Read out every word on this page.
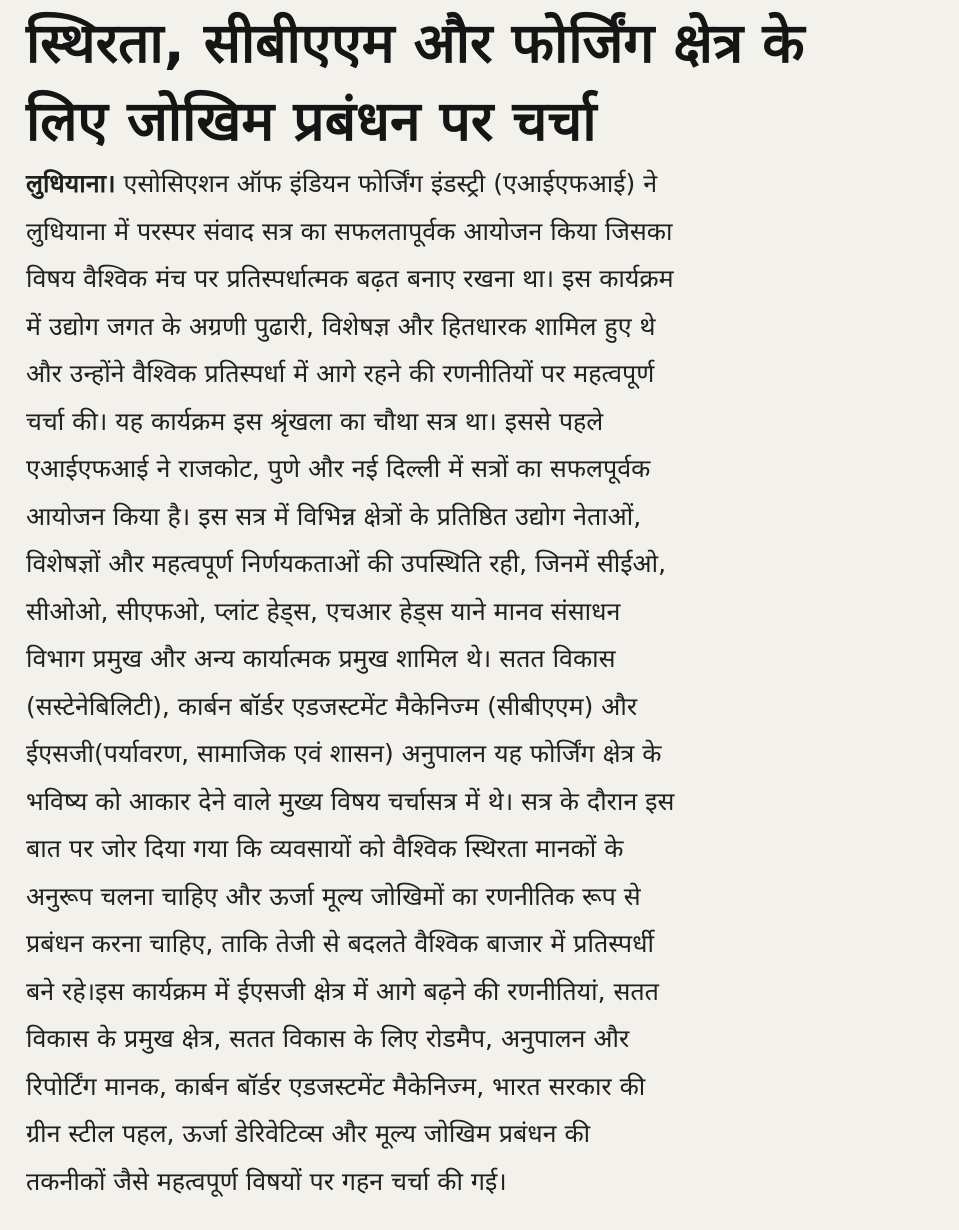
स्थिरता, सीबीएएम और फोर्जिंग क्षेत्र के
लिए जोखिम प्रबंधन पर चर्चा
लुधियाना। एसोसिएशन ऑफ इंडियन फोर्जिंग इंडस्ट्री (एआईएफआई) ने
लुधियाना में परस्पर संवाद सत्र का सफलतापूर्वक आयोजन किया जिसका
विषय वैश्विक मंच पर प्रतिस्पर्धात्मक बढ़त बनाए रखना था। इस कार्यक्रम
में उद्योग जगत के अग्रणी पुढारी, विशेषज्ञ और हितधारक शामिल हुए थे
और उन्होंने वैश्विक प्रतिस्पर्धा में आगे रहने की रणनीतियों पर महत्वपूर्ण
चर्चा की। यह कार्यक्रम इस श्रृंखला का चौथा सत्र था। इससे पहले
एआईएफआई ने राजकोट, पुणे और नई दिल्ली में सत्रों का सफलपूर्वक
आयोजन किया है। इस सत्र में विभिन्न क्षेत्रों के प्रतिष्ठित उद्योग नेताओं,
विशेषज्ञों और महत्वपूर्ण निर्णयकताओं की उपस्थिति रही, जिनमें सीईओ,
सीओओ, सीएफओ, प्लांट हेड्स, एचआर हेड्स याने मानव संसाधन
विभाग प्रमुख और अन्य कार्यात्मक प्रमुख शामिल थे। सतत विकास
(सस्टेनेबिलिटी), कार्बन बॉर्डर एडजस्टमेंट मैकेनिज्म (सीबीएएम) और
ईएसजी(पर्यावरण, सामाजिक एवं शासन) अनुपालन यह फोर्जिंग क्षेत्र के
भविष्य को आकार देने वाले मुख्य विषय चर्चासत्र में थे। सत्र के दौरान इस
बात पर जोर दिया गया कि व्यवसायों को वैश्विक स्थिरता मानकों के
अनुरूप चलना चाहिए और ऊर्जा मूल्य जोखिमों का रणनीतिक रूप से
प्रबंधन करना चाहिए, ताकि तेजी से बदलते वैश्विक बाजार में प्रतिस्पर्धी
बने रहे।इस कार्यक्रम में ईएसजी क्षेत्र में आगे बढ़ने की रणनीतियां, सतत
विकास के प्रमुख क्षेत्र, सतत विकास के लिए रोडमैप, अनुपालन और
रिपोर्टिंग मानक, कार्बन बॉर्डर एडजस्टमेंट मैकेनिज्म, भारत सरकार की
ग्रीन स्टील पहल, ऊर्जा डेरिवेटिव्स और मूल्य जोखिम प्रबंधन की
तकनीकों जैसे महत्वपूर्ण विषयों पर गहन चर्चा की गई।
